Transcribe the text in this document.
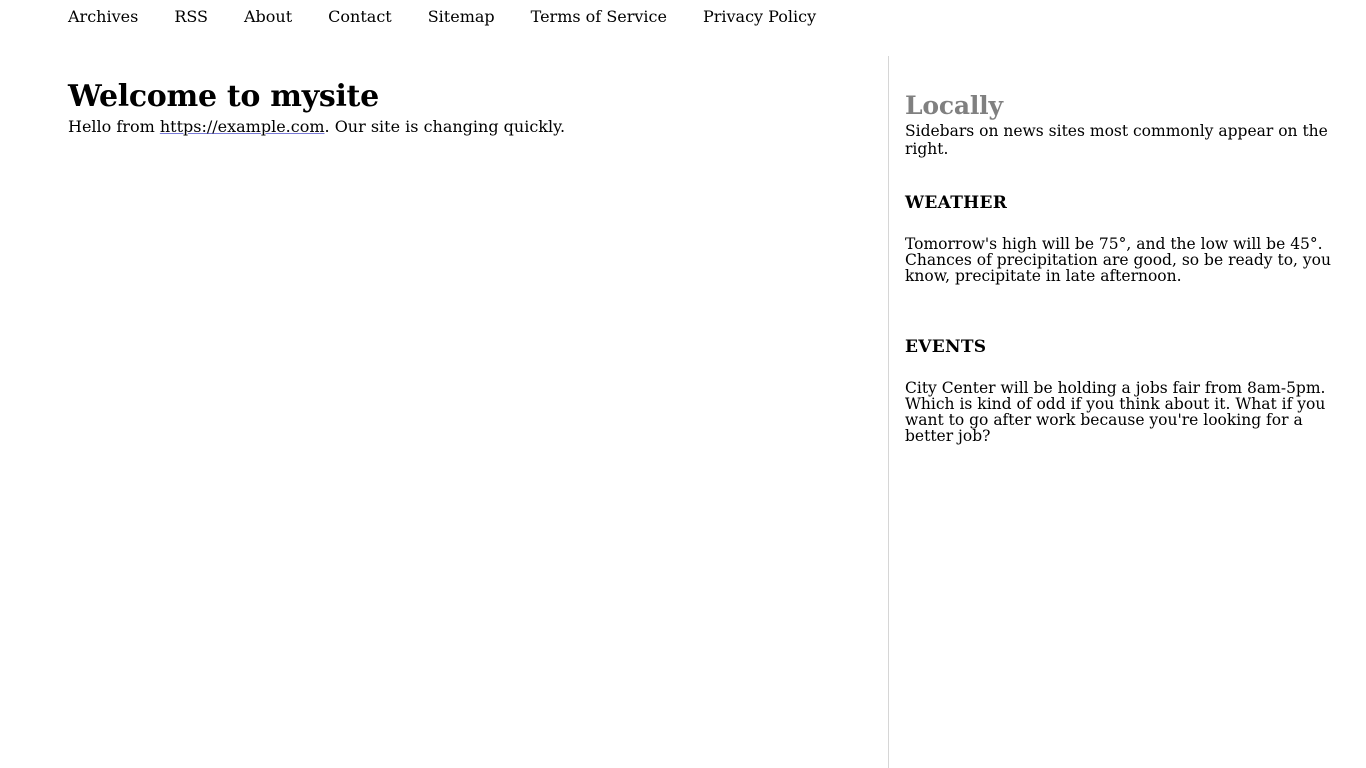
Archives RSS About Contact Sitemap Terms of Service Privacy Policy
Welcome to mysite

Hello from https://example.com. Our site is changing quickly.

Locally

Sidebars on news sites most commonly appear on the right.

WEATHER

Tomorrow's high will be 75°, and the low will be 45°. Chances of precipitation are good, so be ready to, you know, precipitate in late afternoon.

EVENTS

City Center will be holding a jobs fair from 8am-5pm. Which is kind of odd if you think about it. What if you want to go after work because you're looking for a better job?
